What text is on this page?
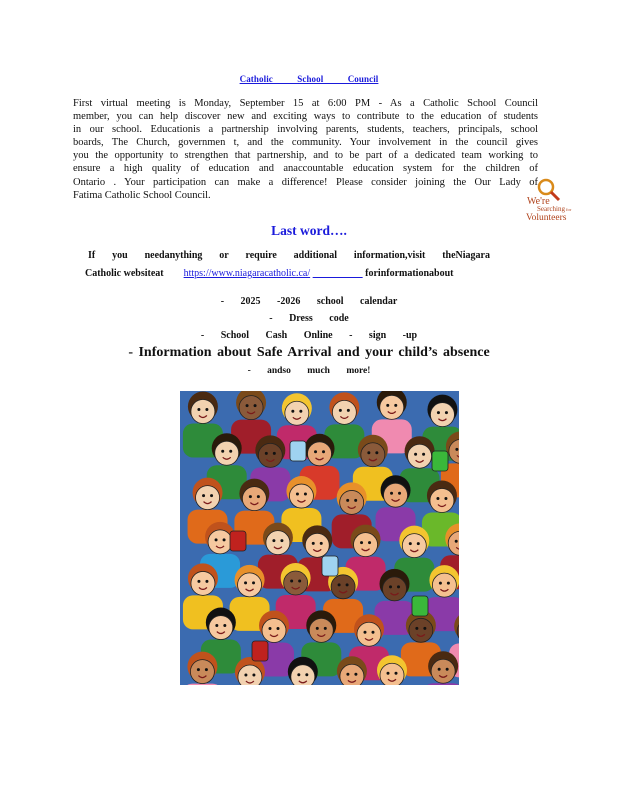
Catholic School Council
First virtual meeting is Monday, September 15 at 6:00 PM - As a Catholic School Council
member, you can help discover new and exciting ways to contribute to the education of students
in our school. Educationis a partnership involving parents, students, teachers, principals, school
boards, The Church, governmen t, and the community. Your involvement in the council gives
you the opportunity to strengthen that partnership, and to be part of a dedicated team working to
ensure a high quality of education and anaccountable education system for the children of
Ontario . Your participation can make a difference! Please consider joining the Our Lady of
Fatima Catholic School Council.
We're
Searching for
Volunteers
Last word….
If you needanything or require additional information,visit theNiagara
Catholic websiteat https://www.niagaracatholic.ca/	forinformationabout
- 2025 -2026 school calendar
- Dress code
- School Cash Online - sign -up
- Information about Safe Arrival and your child’s absence
- andso much more!
